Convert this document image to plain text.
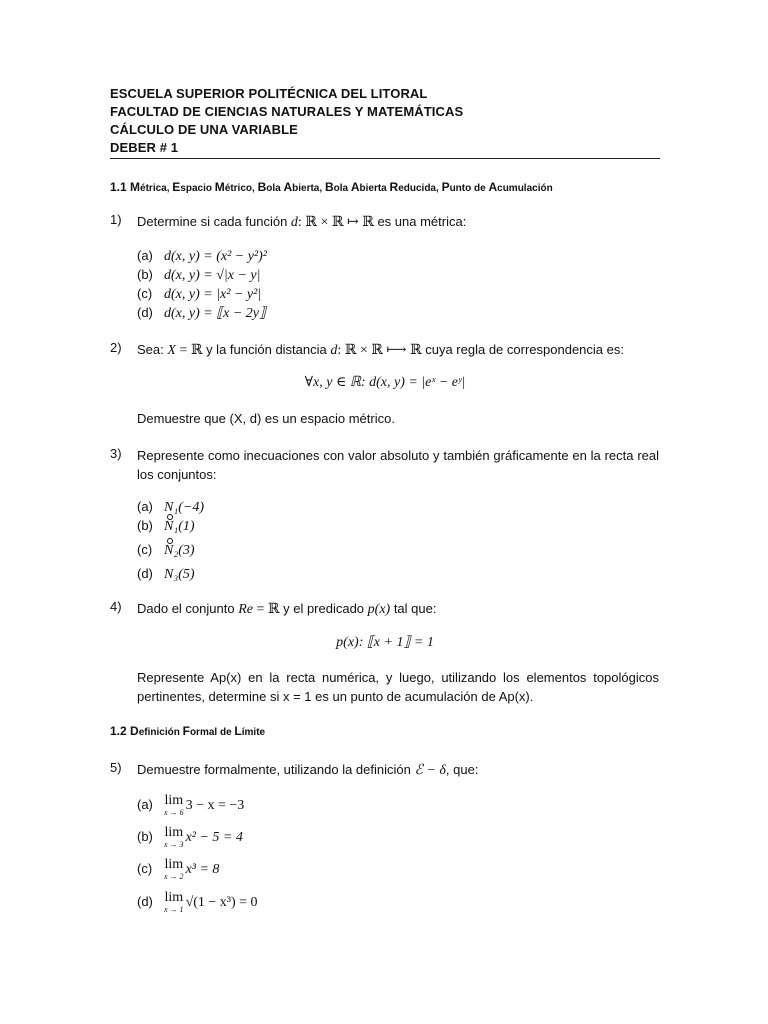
ESCUELA SUPERIOR POLITÉCNICA DEL LITORAL
FACULTAD DE CIENCIAS NATURALES Y MATEMÁTICAS
CÁLCULO DE UNA VARIABLE
DEBER # 1
1.1 Métrica, Espacio Métrico, Bola Abierta, Bola Abierta Reducida, Punto de Acumulación
1) Determine si cada función d: ℝ × ℝ ↦ ℝ es una métrica:
(a) d(x, y) = (x² − y²)²
(b) d(x, y) = √|x − y|
(c) d(x, y) = |x² − y²|
(d) d(x, y) = ⟦x − 2y⟧
2) Sea: X = ℝ y la función distancia d: ℝ × ℝ ⟼ ℝ cuya regla de correspondencia es:
∀x, y ∈ ℝ: d(x, y) = |eˣ − eʸ|
Demuestre que (X, d) es un espacio métrico.
3) Represente como inecuaciones con valor absoluto y también gráficamente en la recta real los conjuntos:
(a) N₁(−4)
(b) N₁(1)
(c) N₂(3)
(d) N₃(5)
4) Dado el conjunto Re = ℝ y el predicado p(x) tal que:
p(x): ⟦x + 1⟧ = 1
Represente Ap(x) en la recta numérica, y luego, utilizando los elementos topológicos pertinentes, determine si x = 1 es un punto de acumulación de Ap(x).
1.2 Definición Formal de Límite
5) Demuestre formalmente, utilizando la definición ℰ − δ, que:
(a) lim
x → 6 3 − x = −3
(b) lim
x → 3 x² − 5 = 4
(c) lim
x → 2 x³ = 8
(d) lim
x → 1 √(1 − x³) = 0
